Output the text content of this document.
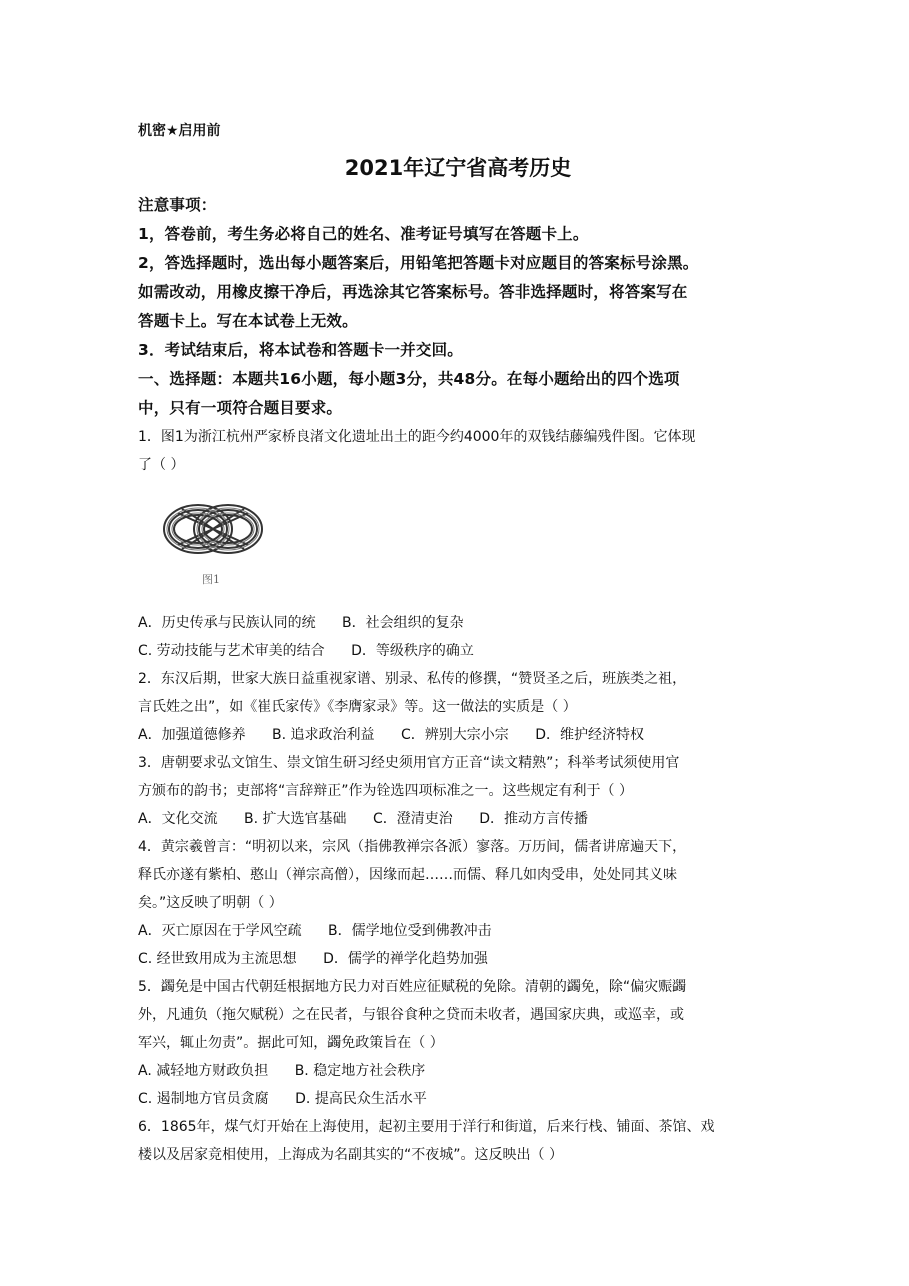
机密★启用前
2021年辽宁省高考历史
注意事项：
1，答卷前，考生务必将自己的姓名、准考证号填写在答题卡上。
2，答选择题时，选出每小题答案后，用铅笔把答题卡对应题目的答案标号涂黑。
如需改动，用橡皮擦干净后，再选涂其它答案标号。答非选择题时，将答案写在
答题卡上。写在本试卷上无效。
3．考试结束后，将本试卷和答题卡一并交回。
一、选择题：本题共16小题，每小题3分，共48分。在每小题给出的四个选项
中，只有一项符合题目要求。
1．图1为浙江杭州严家桥良渚文化遗址出土的距今约4000年的双钱结藤编残件图。它体现
了（ ）
图1
A．历史传承与民族认同的统 B．社会组织的复杂
C. 劳动技能与艺术审美的结合 D．等级秩序的确立
2．东汉后期，世家大族日益重视家谱、别录、私传的修撰，“赞贤圣之后，班族类之祖，
言氏姓之出”，如《崔氏家传》《李膺家录》等。这一做法的实质是（ ）
A．加强道德修养 B. 追求政治利益 C．辨别大宗小宗 D．维护经济特权
3．唐朝要求弘文馆生、崇文馆生研习经史须用官方正音“读文精熟”；科举考试须使用官
方颁布的韵书；吏部将“言辞辩正”作为铨选四项标准之一。这些规定有利于（ ）
A．文化交流 B. 扩大选官基础 C．澄清吏治 D．推动方言传播
4．黄宗羲曾言：“明初以来，宗风（指佛教禅宗各派）寥落。万历间，儒者讲席遍天下，
释氏亦遂有紫柏、憨山（禅宗高僧），因缘而起……而儒、释几如肉受串，处处同其义味
矣。”这反映了明朝（ ）
A．灭亡原因在于学风空疏 B．儒学地位受到佛教冲击
C. 经世致用成为主流思想 D．儒学的禅学化趋势加强
5．蠲免是中国古代朝廷根据地方民力对百姓应征赋税的免除。清朝的蠲免，除“偏灾赈蠲
外，凡逋负（拖欠赋税）之在民者，与银谷食种之贷而未收者，遇国家庆典，或巡幸，或
军兴，辄止勿责”。据此可知，蠲免政策旨在（ ）
A. 减轻地方财政负担 B. 稳定地方社会秩序
C. 遏制地方官员贪腐 D. 提高民众生活水平
6．1865年，煤气灯开始在上海使用，起初主要用于洋行和街道，后来行栈、铺面、茶馆、戏
楼以及居家竞相使用，上海成为名副其实的“不夜城”。这反映出（ ）
